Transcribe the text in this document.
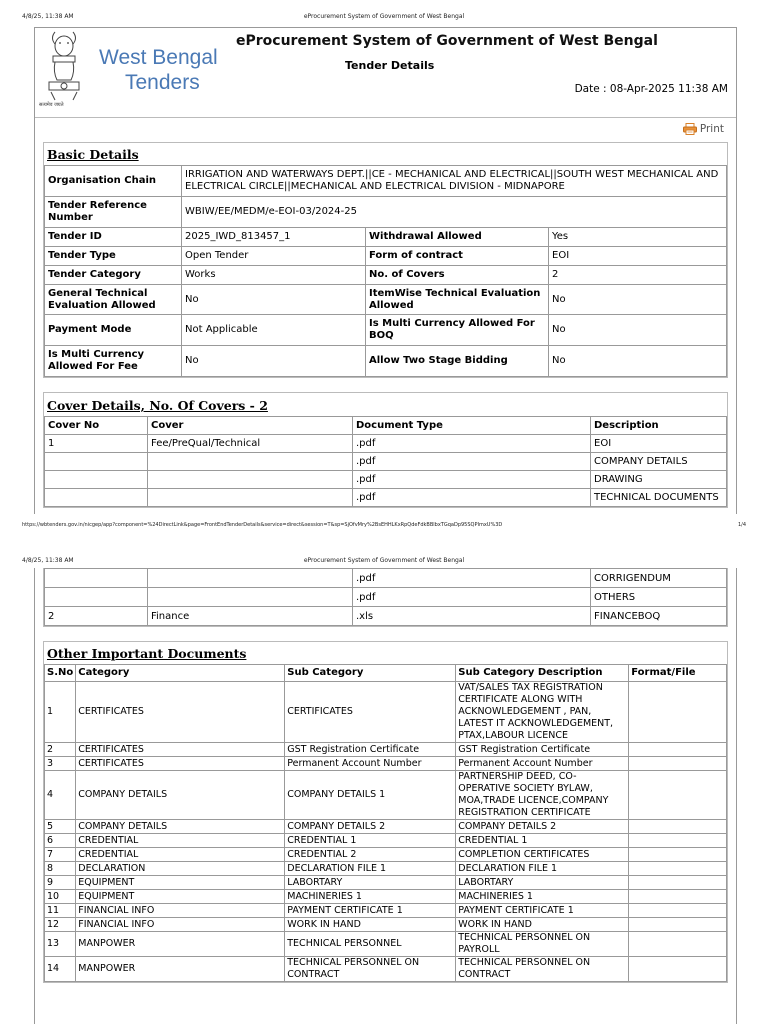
4/8/25, 11:38 AM	eProcurement System of Government of West Bengal
सत्यमेव जयते
West Bengal
Tenders
eProcurement System of Government of West Bengal
Tender Details
Date : 08-Apr-2025 11:38 AM
Print
Basic Details
Organisation Chain	IRRIGATION AND WATERWAYS DEPT.||CE - MECHANICAL AND ELECTRICAL||SOUTH WEST MECHANICAL AND ELECTRICAL CIRCLE||MECHANICAL AND ELECTRICAL DIVISION - MIDNAPORE		
Tender Reference Number	WBIW/EE/MEDM/e-EOI-03/2024-25		
Tender ID	2025_IWD_813457_1	Withdrawal Allowed	Yes
Tender Type	Open Tender	Form of contract	EOI
Tender Category	Works	No. of Covers	2
General Technical Evaluation Allowed	No	ItemWise Technical Evaluation Allowed	No
Payment Mode	Not Applicable	Is Multi Currency Allowed For BOQ	No
Is Multi Currency Allowed For Fee	No	Allow Two Stage Bidding	No
Cover Details, No. Of Covers - 2
Cover No	Cover	Document Type	Description
1	Fee/PreQual/Technical	.pdf	EOI
		.pdf	COMPANY DETAILS
		.pdf	DRAWING
		.pdf	TECHNICAL DOCUMENTS
https://wbtenders.gov.in/nicgep/app?component=%24DirectLink&page=FrontEndTenderDetails&service=direct&session=T&sp=SjOfvMry%2BsEHHLKxRpQdeFdkBBlbxTGqaDp95SQPImxU%3D	1/4
4/8/25, 11:38 AM	eProcurement System of Government of West Bengal
		.pdf	CORRIGENDUM
		.pdf	OTHERS
2	Finance	.xls	FINANCEBOQ
Other Important Documents
S.No	Category	Sub Category	Sub Category Description	Format/File
1	CERTIFICATES	CERTIFICATES	VAT/SALES TAX REGISTRATION CERTIFICATE ALONG WITH ACKNOWLEDGEMENT , PAN, LATEST IT ACKNOWLEDGEMENT, PTAX,LABOUR LICENCE	
2	CERTIFICATES	GST Registration Certificate	GST Registration Certificate	
3	CERTIFICATES	Permanent Account Number	Permanent Account Number	
4	COMPANY DETAILS	COMPANY DETAILS 1	PARTNERSHIP DEED, CO-OPERATIVE SOCIETY BYLAW, MOA,TRADE LICENCE,COMPANY REGISTRATION CERTIFICATE	
5	COMPANY DETAILS	COMPANY DETAILS 2	COMPANY DETAILS 2	
6	CREDENTIAL	CREDENTIAL 1	CREDENTIAL 1	
7	CREDENTIAL	CREDENTIAL 2	COMPLETION CERTIFICATES	
8	DECLARATION	DECLARATION FILE 1	DECLARATION FILE 1	
9	EQUIPMENT	LABORTARY	LABORTARY	
10	EQUIPMENT	MACHINERIES 1	MACHINERIES 1	
11	FINANCIAL INFO	PAYMENT CERTIFICATE 1	PAYMENT CERTIFICATE 1	
12	FINANCIAL INFO	WORK IN HAND	WORK IN HAND	
13	MANPOWER	TECHNICAL PERSONNEL	TECHNICAL PERSONNEL ON PAYROLL	
14	MANPOWER	TECHNICAL PERSONNEL ON CONTRACT	TECHNICAL PERSONNEL ON CONTRACT	
